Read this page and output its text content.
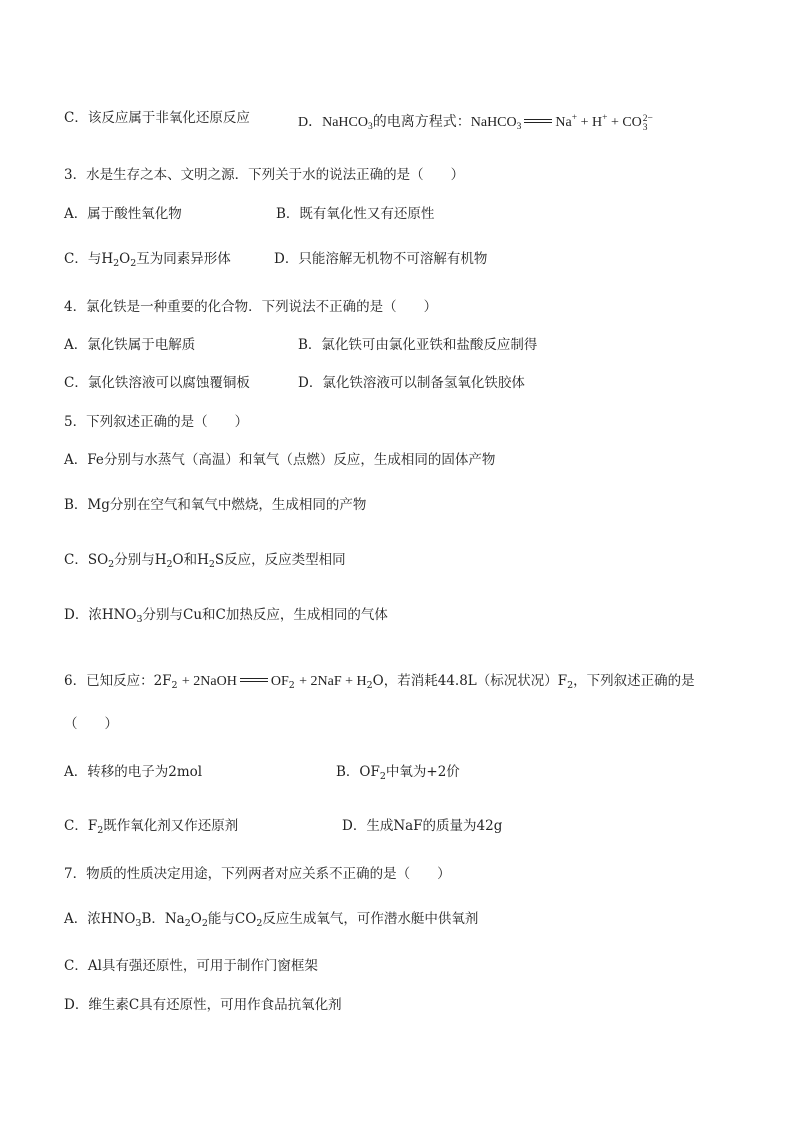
C．该反应属于非氧化还原反应	D．NaHCO$_3$的电离方程式：NaHCO$_3$ Na+ + H+ + CO 2−
3
3．水是生存之本、文明之源．下列关于水的说法正确的是（　　）
A．属于酸性氧化物	B．既有氧化性又有还原性
C．与$H_2O_2$互为同素异形体	D．只能溶解无机物不可溶解有机物
4．氯化铁是一种重要的化合物．下列说法不正确的是（　　）
A．氯化铁属于电解质	B．氯化铁可由氯化亚铁和盐酸反应制得
C．氯化铁溶液可以腐蚀覆铜板	D．氯化铁溶液可以制备氢氧化铁胶体
5．下列叙述正确的是（　　）
A．Fe分别与水蒸气（高温）和氧气（点燃）反应，生成相同的固体产物
B．Mg分别在空气和氧气中燃烧，生成相同的产物
C．$SO_2$分别与$H_2O$和$H_2S$反应，反应类型相同
D．浓$HNO_3$分别与Cu和C加热反应，生成相同的气体
6．已知反应：$2F_2$ + 2NaOH $OF_2 + 2NaF + H_2O$，若消耗44.8L（标况状况）$F_2$，下列叙述正确的是
（　　）
A．转移的电子为2mol	B．$OF_2$中氧为+2价
C．$F_2$既作氧化剂又作还原剂	D．生成NaF的质量为42g
7．物质的性质决定用途，下列两者对应关系不正确的是（　　）
A．浓$HNO_3B$．$Na_2O_2$能与$CO_2$反应生成氧气，可作潜水艇中供氧剂
C．Al具有强还原性，可用于制作门窗框架
D．维生素C具有还原性，可用作食品抗氧化剂
